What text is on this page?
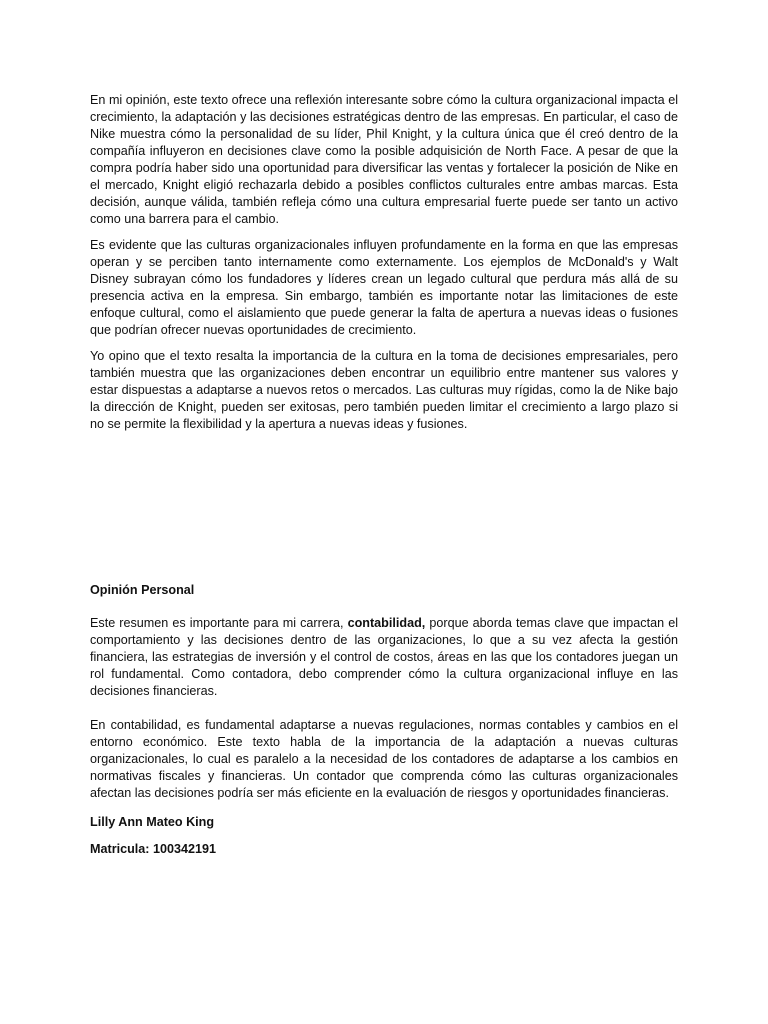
En mi opinión, este texto ofrece una reflexión interesante sobre cómo la cultura organizacional impacta el crecimiento, la adaptación y las decisiones estratégicas dentro de las empresas. En particular, el caso de Nike muestra cómo la personalidad de su líder, Phil Knight, y la cultura única que él creó dentro de la compañía influyeron en decisiones clave como la posible adquisición de North Face. A pesar de que la compra podría haber sido una oportunidad para diversificar las ventas y fortalecer la posición de Nike en el mercado, Knight eligió rechazarla debido a posibles conflictos culturales entre ambas marcas. Esta decisión, aunque válida, también refleja cómo una cultura empresarial fuerte puede ser tanto un activo como una barrera para el cambio.

Es evidente que las culturas organizacionales influyen profundamente en la forma en que las empresas operan y se perciben tanto internamente como externamente. Los ejemplos de McDonald's y Walt Disney subrayan cómo los fundadores y líderes crean un legado cultural que perdura más allá de su presencia activa en la empresa. Sin embargo, también es importante notar las limitaciones de este enfoque cultural, como el aislamiento que puede generar la falta de apertura a nuevas ideas o fusiones que podrían ofrecer nuevas oportunidades de crecimiento.

Yo opino que el texto resalta la importancia de la cultura en la toma de decisiones empresariales, pero también muestra que las organizaciones deben encontrar un equilibrio entre mantener sus valores y estar dispuestas a adaptarse a nuevos retos o mercados. Las culturas muy rígidas, como la de Nike bajo la dirección de Knight, pueden ser exitosas, pero también pueden limitar el crecimiento a largo plazo si no se permite la flexibilidad y la apertura a nuevas ideas y fusiones.

Opinión Personal

Este resumen es importante para mi carrera, contabilidad, porque aborda temas clave que impactan el comportamiento y las decisiones dentro de las organizaciones, lo que a su vez afecta la gestión financiera, las estrategias de inversión y el control de costos, áreas en las que los contadores juegan un rol fundamental. Como contadora, debo comprender cómo la cultura organizacional influye en las decisiones financieras.

En contabilidad, es fundamental adaptarse a nuevas regulaciones, normas contables y cambios en el entorno económico. Este texto habla de la importancia de la adaptación a nuevas culturas organizacionales, lo cual es paralelo a la necesidad de los contadores de adaptarse a los cambios en normativas fiscales y financieras. Un contador que comprenda cómo las culturas organizacionales afectan las decisiones podría ser más eficiente en la evaluación de riesgos y oportunidades financieras.

Lilly Ann Mateo King

Matricula: 100342191
